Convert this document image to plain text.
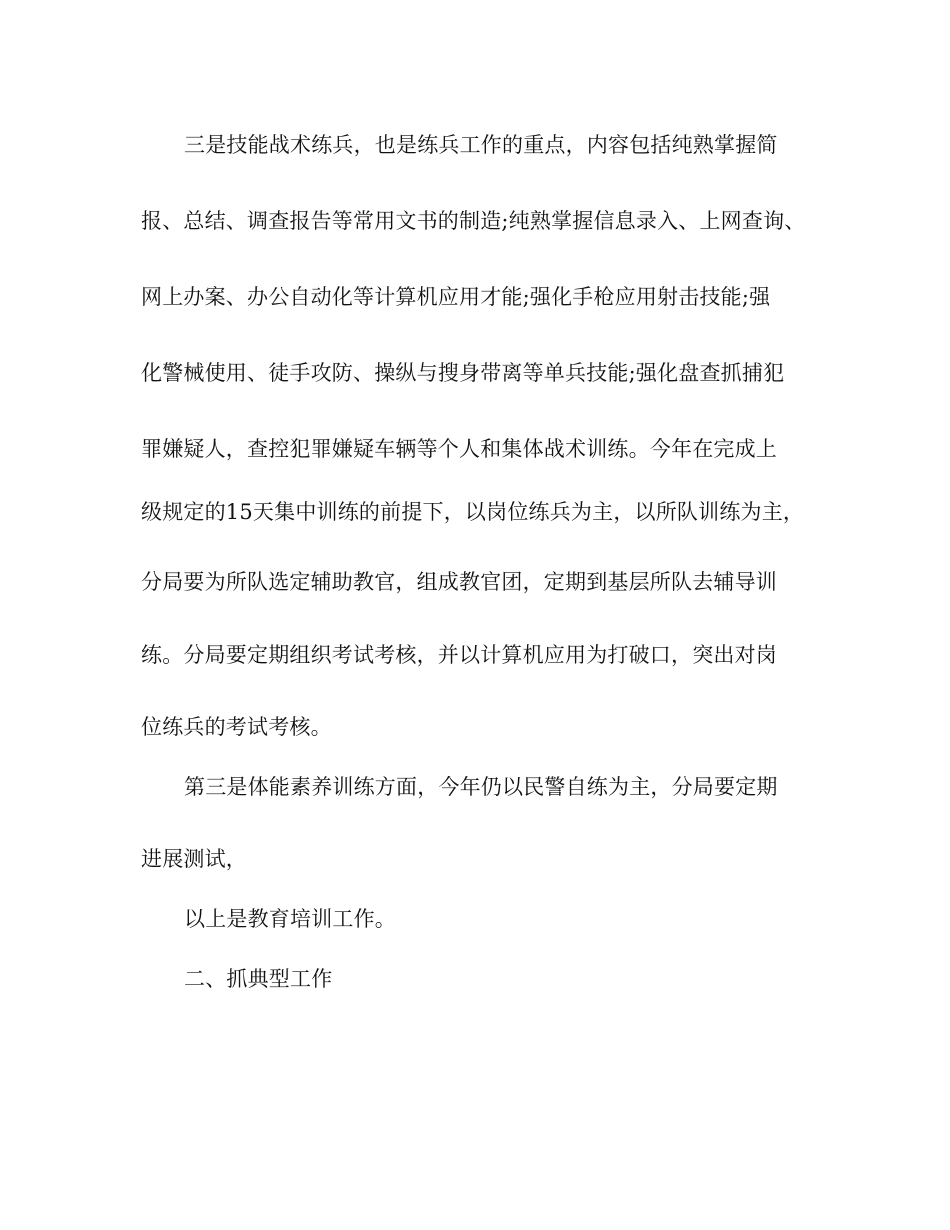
三是技能战术练兵，也是练兵工作的重点，内容包括纯熟掌握简
报、总结、调查报告等常用文书的制造;纯熟掌握信息录入、上网查询、
网上办案、办公自动化等计算机应用才能;强化手枪应用射击技能;强
化警械使用、徒手攻防、操纵与搜身带离等单兵技能;强化盘查抓捕犯
罪嫌疑人，查控犯罪嫌疑车辆等个人和集体战术训练。今年在完成上
级规定的15天集中训练的前提下，以岗位练兵为主，以所队训练为主，
分局要为所队选定辅助教官，组成教官团，定期到基层所队去辅导训
练。分局要定期组织考试考核，并以计算机应用为打破口，突出对岗
位练兵的考试考核。
第三是体能素养训练方面，今年仍以民警自练为主，分局要定期
进展测试，
以上是教育培训工作。
二、抓典型工作
